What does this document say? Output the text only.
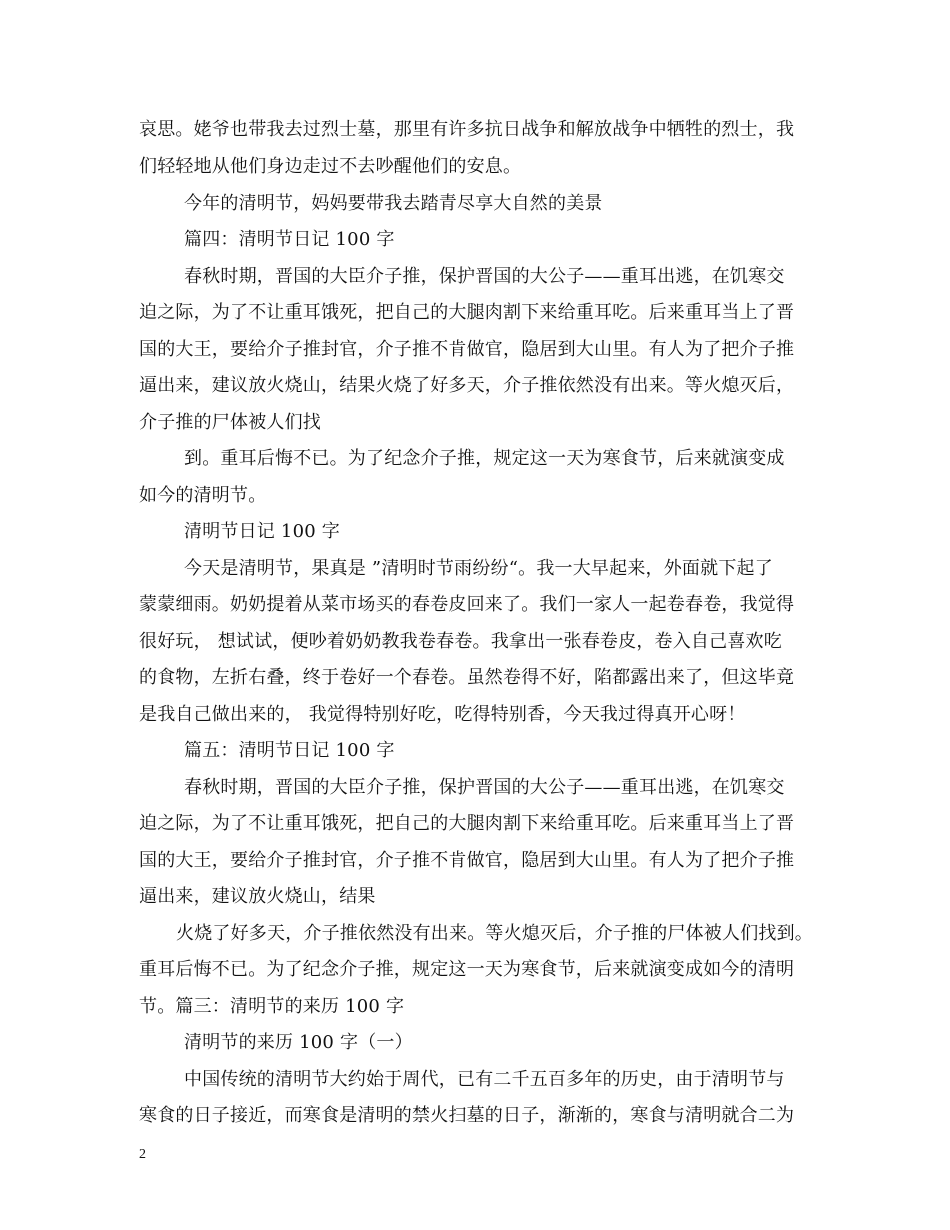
哀思。姥爷也带我去过烈士墓，那里有许多抗日战争和解放战争中牺牲的烈士，我
们轻轻地从他们身边走过不去吵醒他们的安息。
今年的清明节，妈妈要带我去踏青尽享大自然的美景
篇四：清明节日记 100 字
春秋时期，晋国的大臣介子推，保护晋国的大公子——重耳出逃，在饥寒交
迫之际，为了不让重耳饿死，把自己的大腿肉割下来给重耳吃。后来重耳当上了晋
国的大王，要给介子推封官，介子推不肯做官，隐居到大山里。有人为了把介子推
逼出来，建议放火烧山，结果火烧了好多天，介子推依然没有出来。等火熄灭后，
介子推的尸体被人们找
到。重耳后悔不已。为了纪念介子推，规定这一天为寒食节，后来就演变成
如今的清明节。
清明节日记 100 字
今天是清明节，果真是 ”清明时节雨纷纷“。我一大早起来，外面就下起了
蒙蒙细雨。奶奶提着从菜市场买的春卷皮回来了。我们一家人一起卷春卷，我觉得
很好玩， 想试试，便吵着奶奶教我卷春卷。我拿出一张春卷皮，卷入自己喜欢吃
的食物，左折右叠，终于卷好一个春卷。虽然卷得不好，陷都露出来了，但这毕竟
是我自己做出来的， 我觉得特别好吃，吃得特别香，今天我过得真开心呀！
篇五：清明节日记 100 字
春秋时期，晋国的大臣介子推，保护晋国的大公子——重耳出逃，在饥寒交
迫之际，为了不让重耳饿死，把自己的大腿肉割下来给重耳吃。后来重耳当上了晋
国的大王，要给介子推封官，介子推不肯做官，隐居到大山里。有人为了把介子推
逼出来，建议放火烧山，结果
火烧了好多天，介子推依然没有出来。等火熄灭后，介子推的尸体被人们找到。
重耳后悔不已。为了纪念介子推，规定这一天为寒食节，后来就演变成如今的清明
节。篇三：清明节的来历 100 字
清明节的来历 100 字（一）
中国传统的清明节大约始于周代，已有二千五百多年的历史，由于清明节与
寒食的日子接近，而寒食是清明的禁火扫墓的日子，渐渐的，寒食与清明就合二为
2
